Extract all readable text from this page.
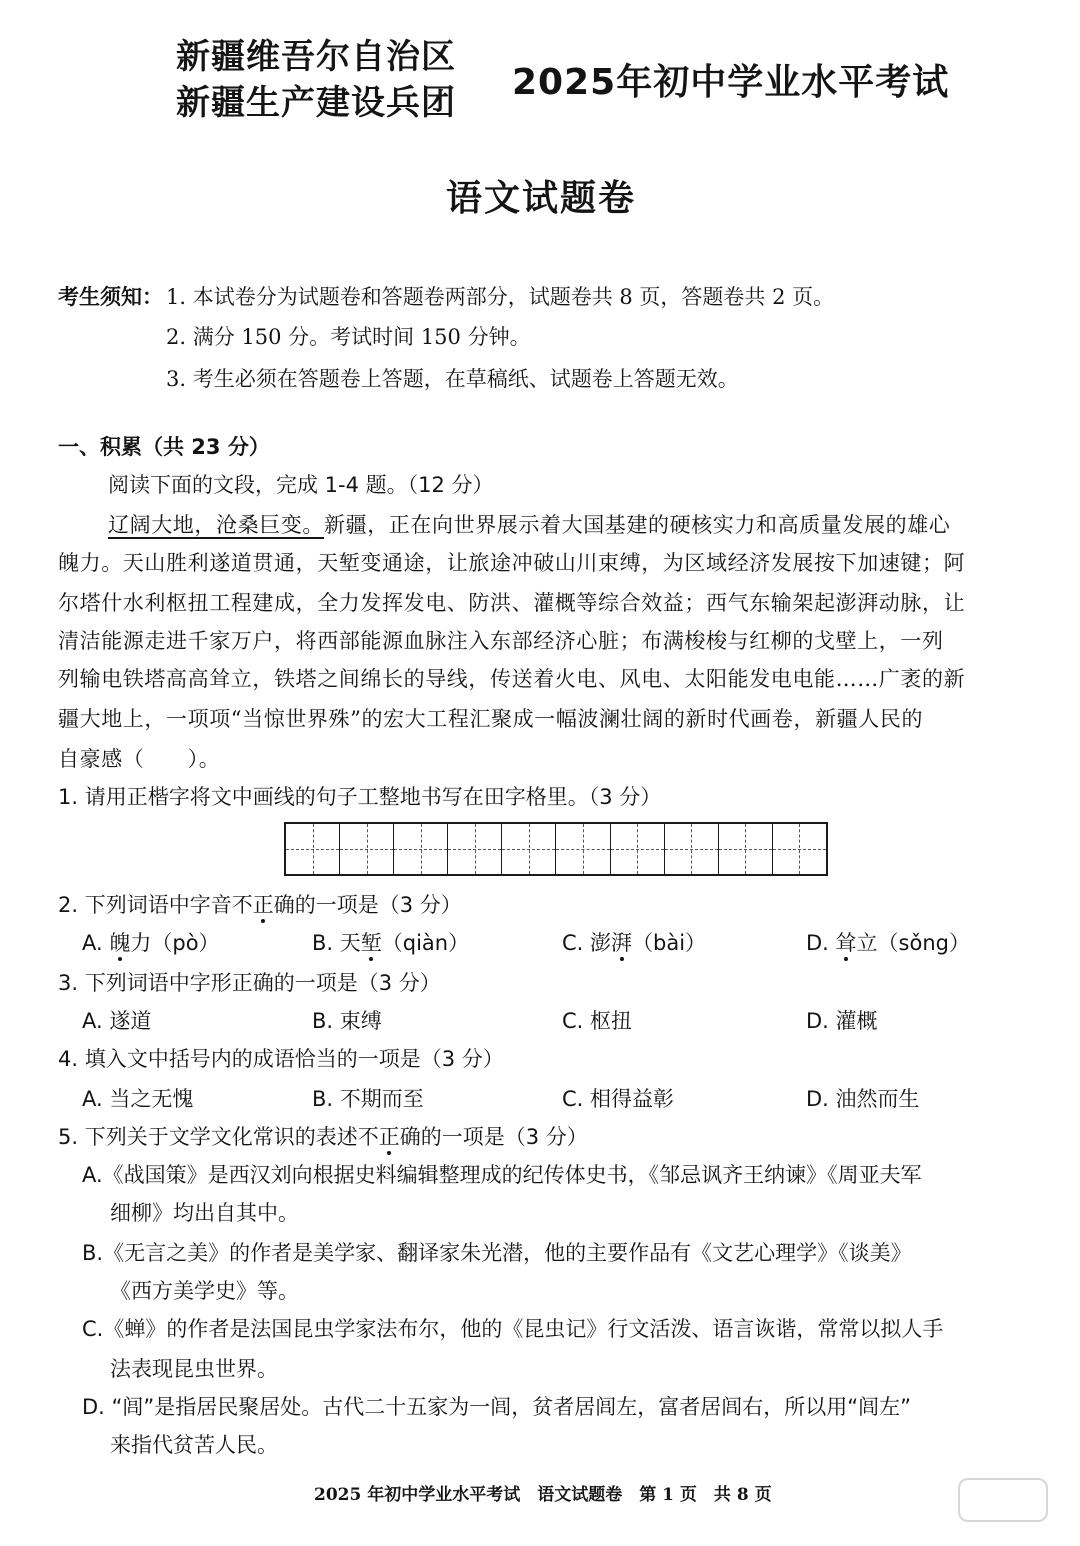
新疆维吾尔自治区
新疆生产建设兵团 2025年初中学业水平考试
语文试题卷
考生须知： 1. 本试卷分为试题卷和答题卷两部分，试题卷共 8 页，答题卷共 2 页。
2. 满分 150 分。考试时间 150 分钟。
3. 考生必须在答题卷上答题，在草稿纸、试题卷上答题无效。
一、积累（共 23 分）
阅读下面的文段，完成 1-4 题。（12 分）
辽阔大地，沧桑巨变。新疆，正在向世界展示着大国基建的硬核实力和高质量发展的雄心
魄力。天山胜利遂道贯通，天堑变通途，让旅途冲破山川束缚，为区域经济发展按下加速键；阿
尔塔什水利枢扭工程建成，全力发挥发电、防洪、灌概等综合效益；西气东输架起澎湃动脉，让
清洁能源走进千家万户，将西部能源血脉注入东部经济心脏；布满梭梭与红柳的戈壁上，一列
列输电铁塔高高耸立，铁塔之间绵长的导线，传送着火电、风电、太阳能发电电能……广袤的新
疆大地上，一项项“当惊世界殊”的宏大工程汇聚成一幅波澜壮阔的新时代画卷，新疆人民的
自豪感（　　）。
1. 请用正楷字将文中画线的句子工整地书写在田字格里。（3 分）
2. 下列词语中字音不正确的一项是（3 分）
A. 魄力（pò）	B. 天堑（qiàn）	C. 澎湃（bài）	D. 耸立（sǒng）
3. 下列词语中字形正确的一项是（3 分）
A. 遂道	B. 束缚	C. 枢扭	D. 灌概
4. 填入文中括号内的成语恰当的一项是（3 分）
A. 当之无愧	B. 不期而至	C. 相得益彰	D. 油然而生
5. 下列关于文学文化常识的表述不正确的一项是（3 分）
A.《战国策》是西汉刘向根据史料编辑整理成的纪传体史书，《邹忌讽齐王纳谏》《周亚夫军
细柳》均出自其中。
B.《无言之美》的作者是美学家、翻译家朱光潜，他的主要作品有《文艺心理学》《谈美》
《西方美学史》等。
C.《蝉》的作者是法国昆虫学家法布尔，他的《昆虫记》行文活泼、语言诙谐，常常以拟人手
法表现昆虫世界。
D. “闾”是指居民聚居处。古代二十五家为一闾，贫者居闾左，富者居闾右，所以用“闾左”
来指代贫苦人民。
2025 年初中学业水平考试　语文试题卷　第 1 页　共 8 页
